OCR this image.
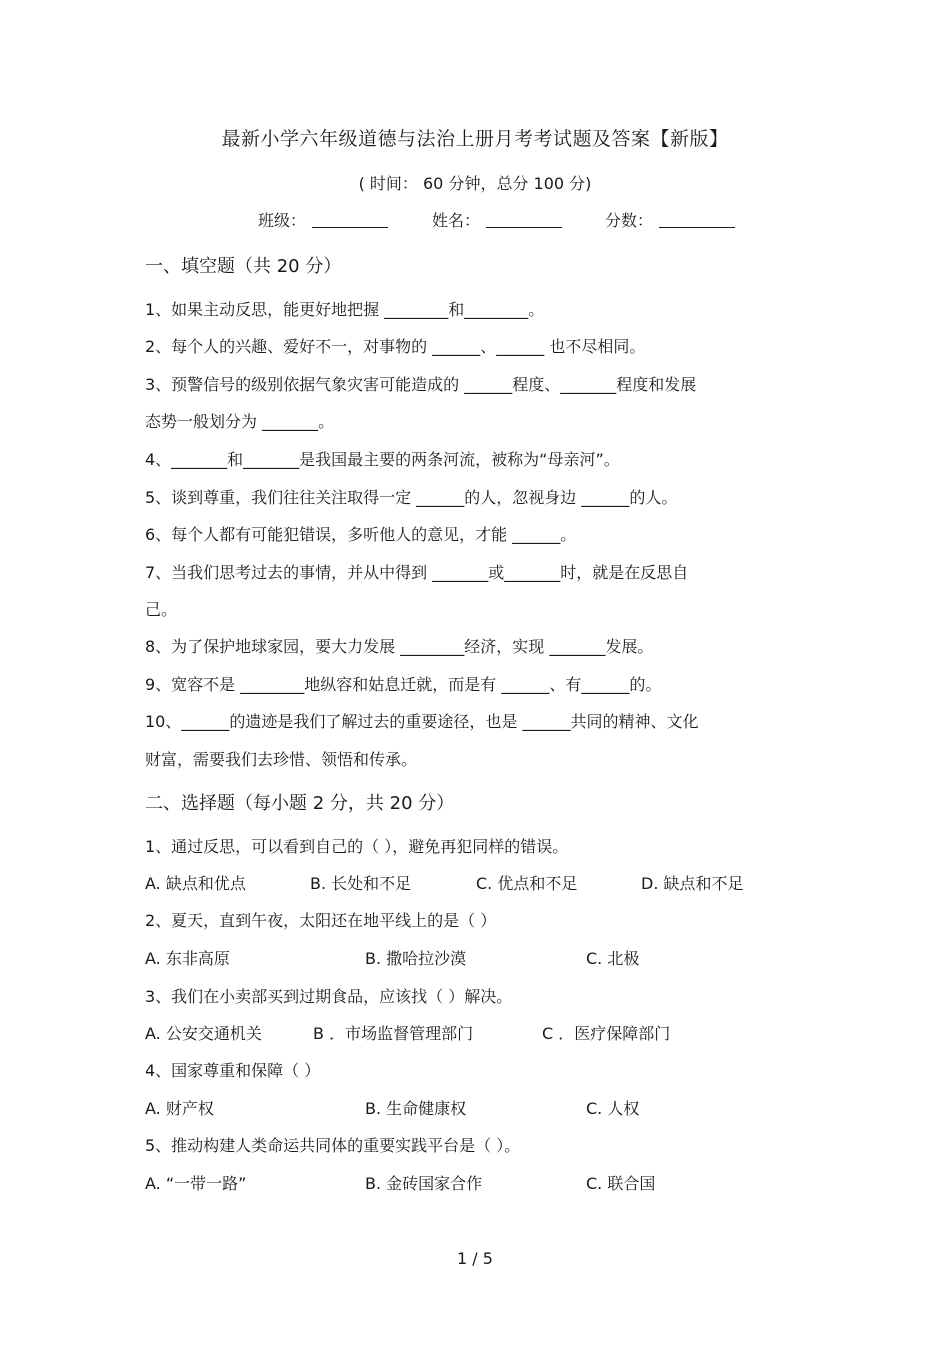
最新小学六年级道德与法治上册月考考试题及答案【新版】
( 时间： 60 分钟，总分 100 分)
班级：	姓名：	分数：
一、填空题（共 20 分）
1、如果主动反思，能更好地把握 ________和________。
2、每个人的兴趣、爱好不一，对事物的 ______、______ 也不尽相同。
3、预警信号的级别依据气象灾害可能造成的 ______程度、_______程度和发展
态势一般划分为 _______。
4、_______和_______是我国最主要的两条河流，被称为“母亲河”。
5、谈到尊重，我们往往关注取得一定 ______的人，忽视身边 ______的人。
6、每个人都有可能犯错误，多听他人的意见，才能 ______。
7、当我们思考过去的事情，并从中得到 _______或_______时，就是在反思自
己。
8、为了保护地球家园，要大力发展 ________经济，实现 _______发展。
9、宽容不是 ________地纵容和姑息迁就，而是有 ______、有______的。
10、______的遗迹是我们了解过去的重要途径，也是 ______共同的精神、文化
财富，需要我们去珍惜、领悟和传承。
二、选择题（每小题 2 分，共 20 分）
1、通过反思，可以看到自己的（ ），避免再犯同样的错误。
A. 缺点和优点	B. 长处和不足	C. 优点和不足	D. 缺点和不足
2、夏天，直到午夜，太阳还在地平线上的是（ ）
A. 东非高原	B. 撒哈拉沙漠	C. 北极
3、我们在小卖部买到过期食品，应该找（ ）解决。
A. 公安交通机关	B ．市场监督管理部门	C ．医疗保障部门
4、国家尊重和保障（ ）
A. 财产权	B. 生命健康权	C. 人权
5、推动构建人类命运共同体的重要实践平台是（ ）。
A. “一带一路”	B. 金砖国家合作	C. 联合国
1 / 5
